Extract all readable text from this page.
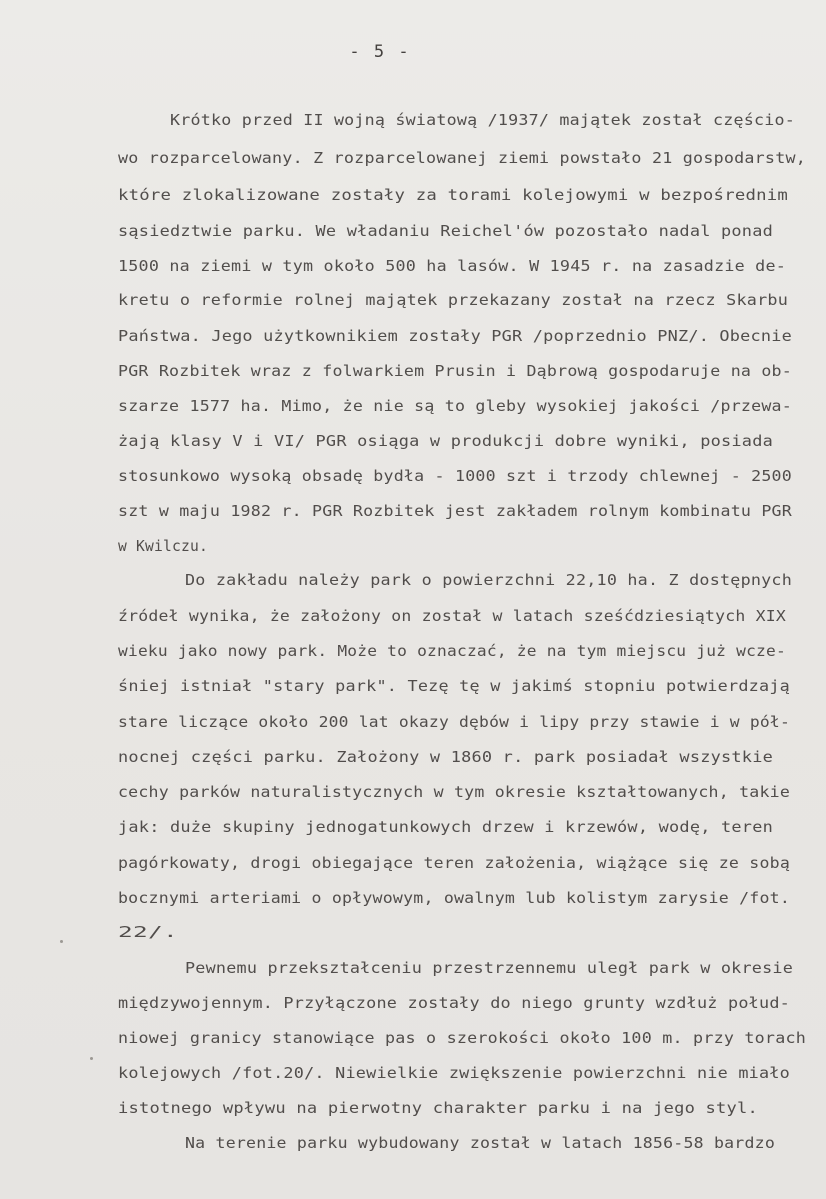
- 5 -
Krótko przed II wojną światową /1937/ majątek został częścio-
wo rozparcelowany. Z rozparcelowanej ziemi powstało 21 gospodarstw,
które zlokalizowane zostały za torami kolejowymi w bezpośrednim
sąsiedztwie parku. We władaniu Reichel'ów pozostało nadal ponad
1500 na ziemi w tym około 500 ha lasów. W 1945 r. na zasadzie de-
kretu o reformie rolnej majątek przekazany został na rzecz Skarbu
Państwa. Jego użytkownikiem zostały PGR /poprzednio PNZ/. Obecnie
PGR Rozbitek wraz z folwarkiem Prusin i Dąbrową gospodaruje na ob-
szarze 1577 ha. Mimo, że nie są to gleby wysokiej jakości /przewa-
żają klasy V i VI/ PGR osiąga w produkcji dobre wyniki, posiada
stosunkowo wysoką obsadę bydła - 1000 szt i trzody chlewnej - 2500
szt w maju 1982 r. PGR Rozbitek jest zakładem rolnym kombinatu PGR
w Kwilczu.
Do zakładu należy park o powierzchni 22,10 ha. Z dostępnych
źródeł wynika, że założony on został w latach sześćdziesiątych XIX
wieku jako nowy park. Może to oznaczać, że na tym miejscu już wcze-
śniej istniał "stary park". Tezę tę w jakimś stopniu potwierdzają
stare liczące około 200 lat okazy dębów i lipy przy stawie i w pół-
nocnej części parku. Założony w 1860 r. park posiadał wszystkie
cechy parków naturalistycznych w tym okresie kształtowanych, takie
jak: duże skupiny jednogatunkowych drzew i krzewów, wodę, teren
pagórkowaty, drogi obiegające teren założenia, wiążące się ze sobą
bocznymi arteriami o opływowym, owalnym lub kolistym zarysie /fot.
22/.
Pewnemu przekształceniu przestrzennemu uległ park w okresie
międzywojennym. Przyłączone zostały do niego grunty wzdłuż połud-
niowej granicy stanowiące pas o szerokości około 100 m. przy torach
kolejowych /fot.20/. Niewielkie zwiększenie powierzchni nie miało
istotnego wpływu na pierwotny charakter parku i na jego styl.
Na terenie parku wybudowany został w latach 1856-58 bardzo
